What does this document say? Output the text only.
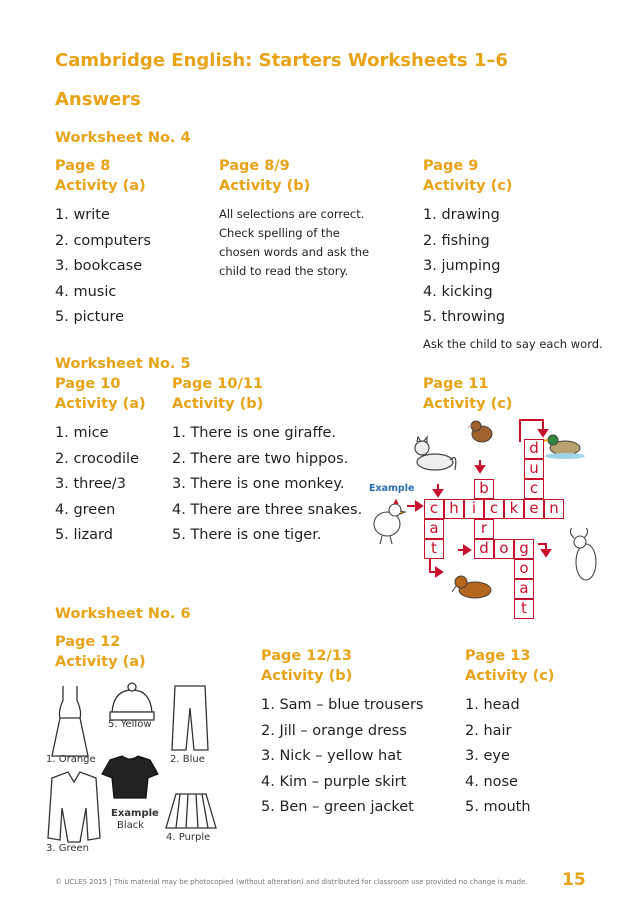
Cambridge English: Starters Worksheets 1–6
Answers
Worksheet No. 4
Page 8
Activity (a)
1. write
2. computers
3. bookcase
4. music
5. picture
Page 8/9
Activity (b)
All selections are correct.
Check spelling of the
chosen words and ask the
child to read the story.
Page 9
Activity (c)
1. drawing
2. fishing
3. jumping
4. kicking
5. throwing
Ask the child to say each word.
Worksheet No. 5
Page 10
Activity (a)
1. mice
2. crocodile
3. three/3
4. green
5. lizard
Page 10/11
Activity (b)
1. There is one giraffe.
2. There are two hippos.
3. There is one monkey.
4. There are three snakes.
5. There is one tiger.
Page 11
Activity (c)
Example
c h i c k e n
a
t
d
u
c
b
r
d o g
o
a
t
Worksheet No. 6
Page 12
Activity (a)
5. Yellow
1. Orange	2. Blue
Example
Black
4. Purple
3. Green
Page 12/13
Activity (b)
1. Sam – blue trousers
2. Jill – orange dress
3. Nick – yellow hat
4. Kim – purple skirt
5. Ben – green jacket
Page 13
Activity (c)
1. head
2. hair
3. eye
4. nose
5. mouth
© UCLES 2015 | This material may be photocopied (without alteration) and distributed for classroom use provided no change is made. 15
